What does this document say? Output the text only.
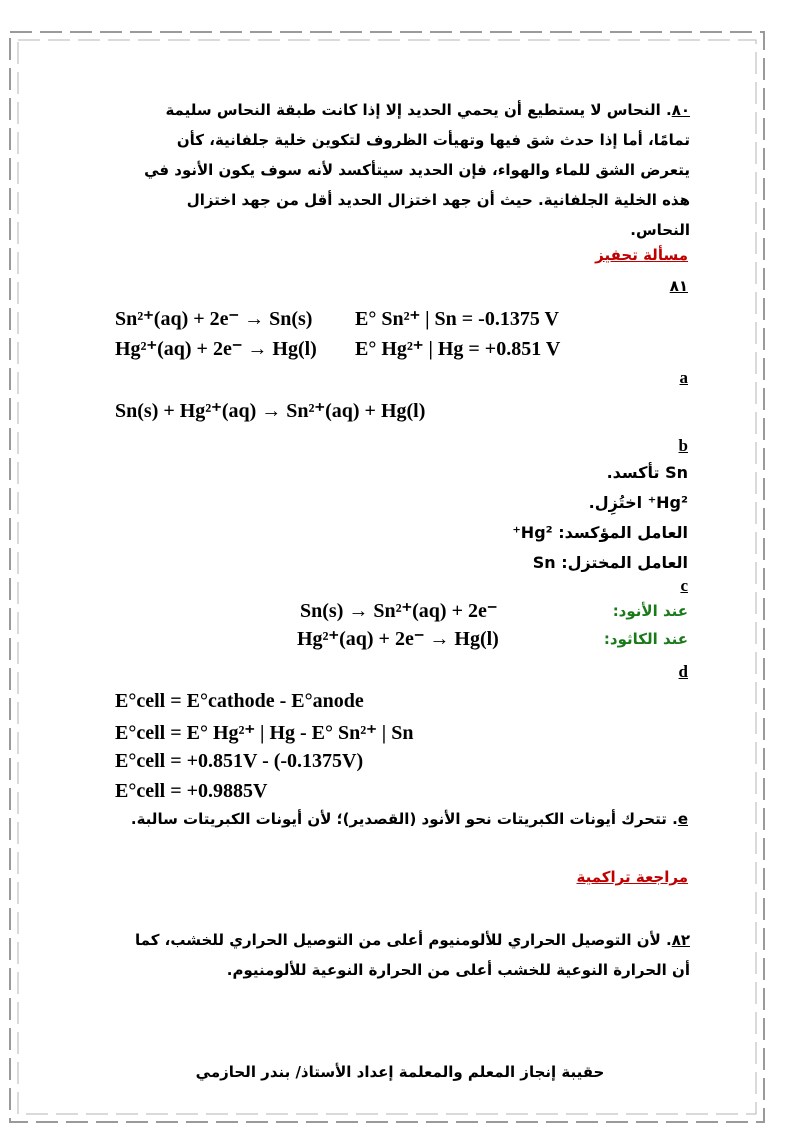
٨٠. النحاس لا يستطيع أن يحمي الحديد إلا إذا كانت طبقة النحاس سليمة تمامًا، أما إذا حدث شق فيها وتهيأت الظروف لتكوين خلية جلفانية، كأن يتعرض الشق للماء والهواء، فإن الحديد سيتأكسد لأنه سوف يكون الأنود في هذه الخلية الجلفانية. حيث أن جهد اختزال الحديد أقل من جهد اختزال النحاس.
مسألة تحفيز
٨١
Sn²⁺(aq) + 2e⁻ → Sn(s) E° Sn²⁺ | Sn = -0.1375 V
Hg²⁺(aq) + 2e⁻ → Hg(l) E° Hg²⁺ | Hg = +0.851 V
a
Sn(s) + Hg²⁺(aq) → Sn²⁺(aq) + Hg(l)
b
Sn تأكسد.
Hg²⁺ اختُزِل.
العامل المؤكسد: Hg²⁺
العامل المختزل: Sn
c
عند الأنود:
Sn(s) → Sn²⁺(aq) + 2e⁻
عند الكاثود:
Hg²⁺(aq) + 2e⁻ → Hg(l)
d
E°cell = E°cathode - E°anode
E°cell = E° Hg²⁺ | Hg - E° Sn²⁺ | Sn
E°cell = +0.851V - (-0.1375V)
E°cell = +0.9885V
e. تتحرك أيونات الكبريتات نحو الأنود (القصدير)؛ لأن أيونات الكبريتات سالبة.
مراجعة تراكمية
٨٢. لأن التوصيل الحراري للألومنيوم أعلى من التوصيل الحراري للخشب، كما أن الحرارة النوعية للخشب أعلى من الحرارة النوعية للألومنيوم.
حقيبة إنجاز المعلم والمعلمة إعداد الأستاذ/ بندر الحازمي
